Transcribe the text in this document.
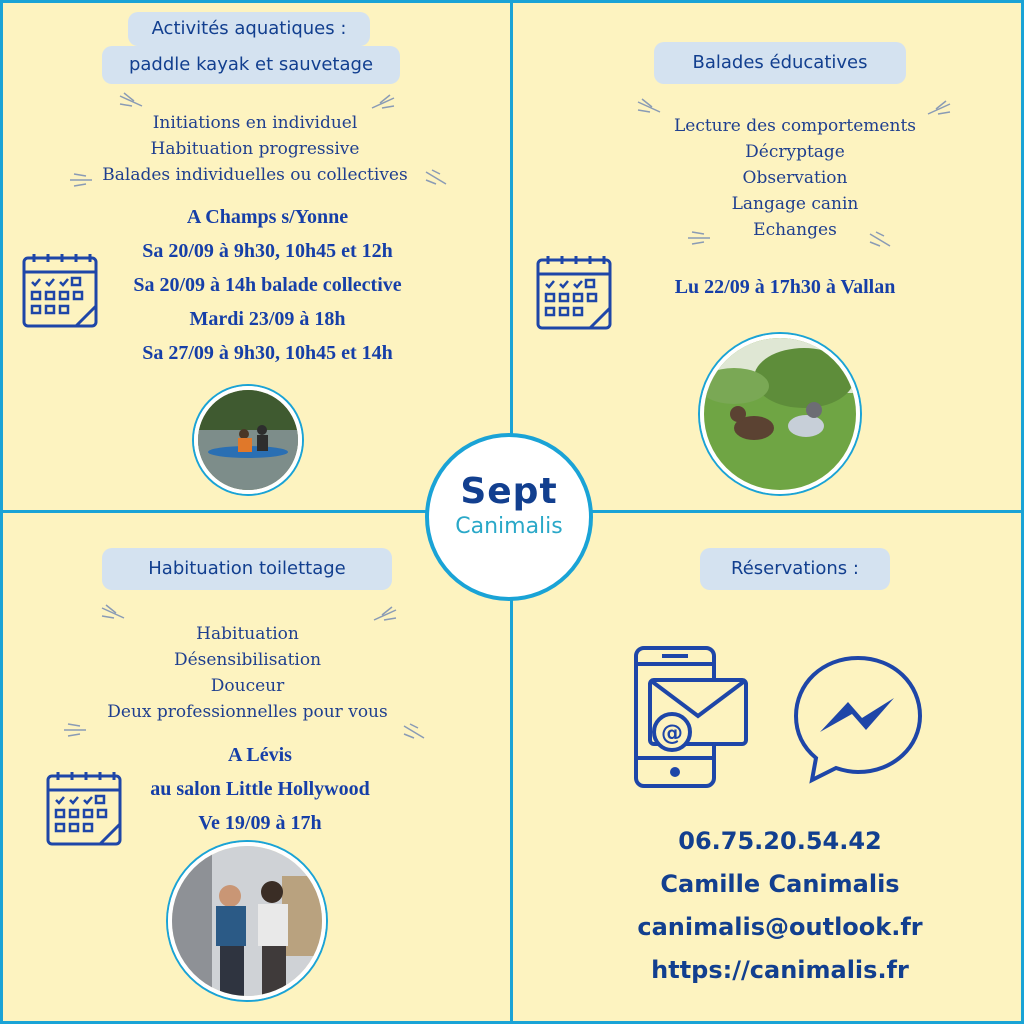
Activités aquatiques :
paddle kayak et sauvetage
Initiations en individuel
Habituation progressive
Balades individuelles ou collectives
A Champs s/Yonne
Sa 20/09 à 9h30, 10h45 et 12h
Sa 20/09 à 14h balade collective
Mardi 23/09 à 18h
Sa 27/09 à 9h30, 10h45 et 14h
Balades éducatives
Lecture des comportements
Décryptage
Observation
Langage canin
Echanges
Lu 22/09 à 17h30 à Vallan
Sept
Canimalis
Habituation toilettage
Habituation
Désensibilisation
Douceur
Deux professionnelles pour vous
A Lévis
au salon Little Hollywood
Ve 19/09 à 17h
Réservations :
@
06.75.20.54.42
Camille Canimalis
canimalis@outlook.fr
https://canimalis.fr
